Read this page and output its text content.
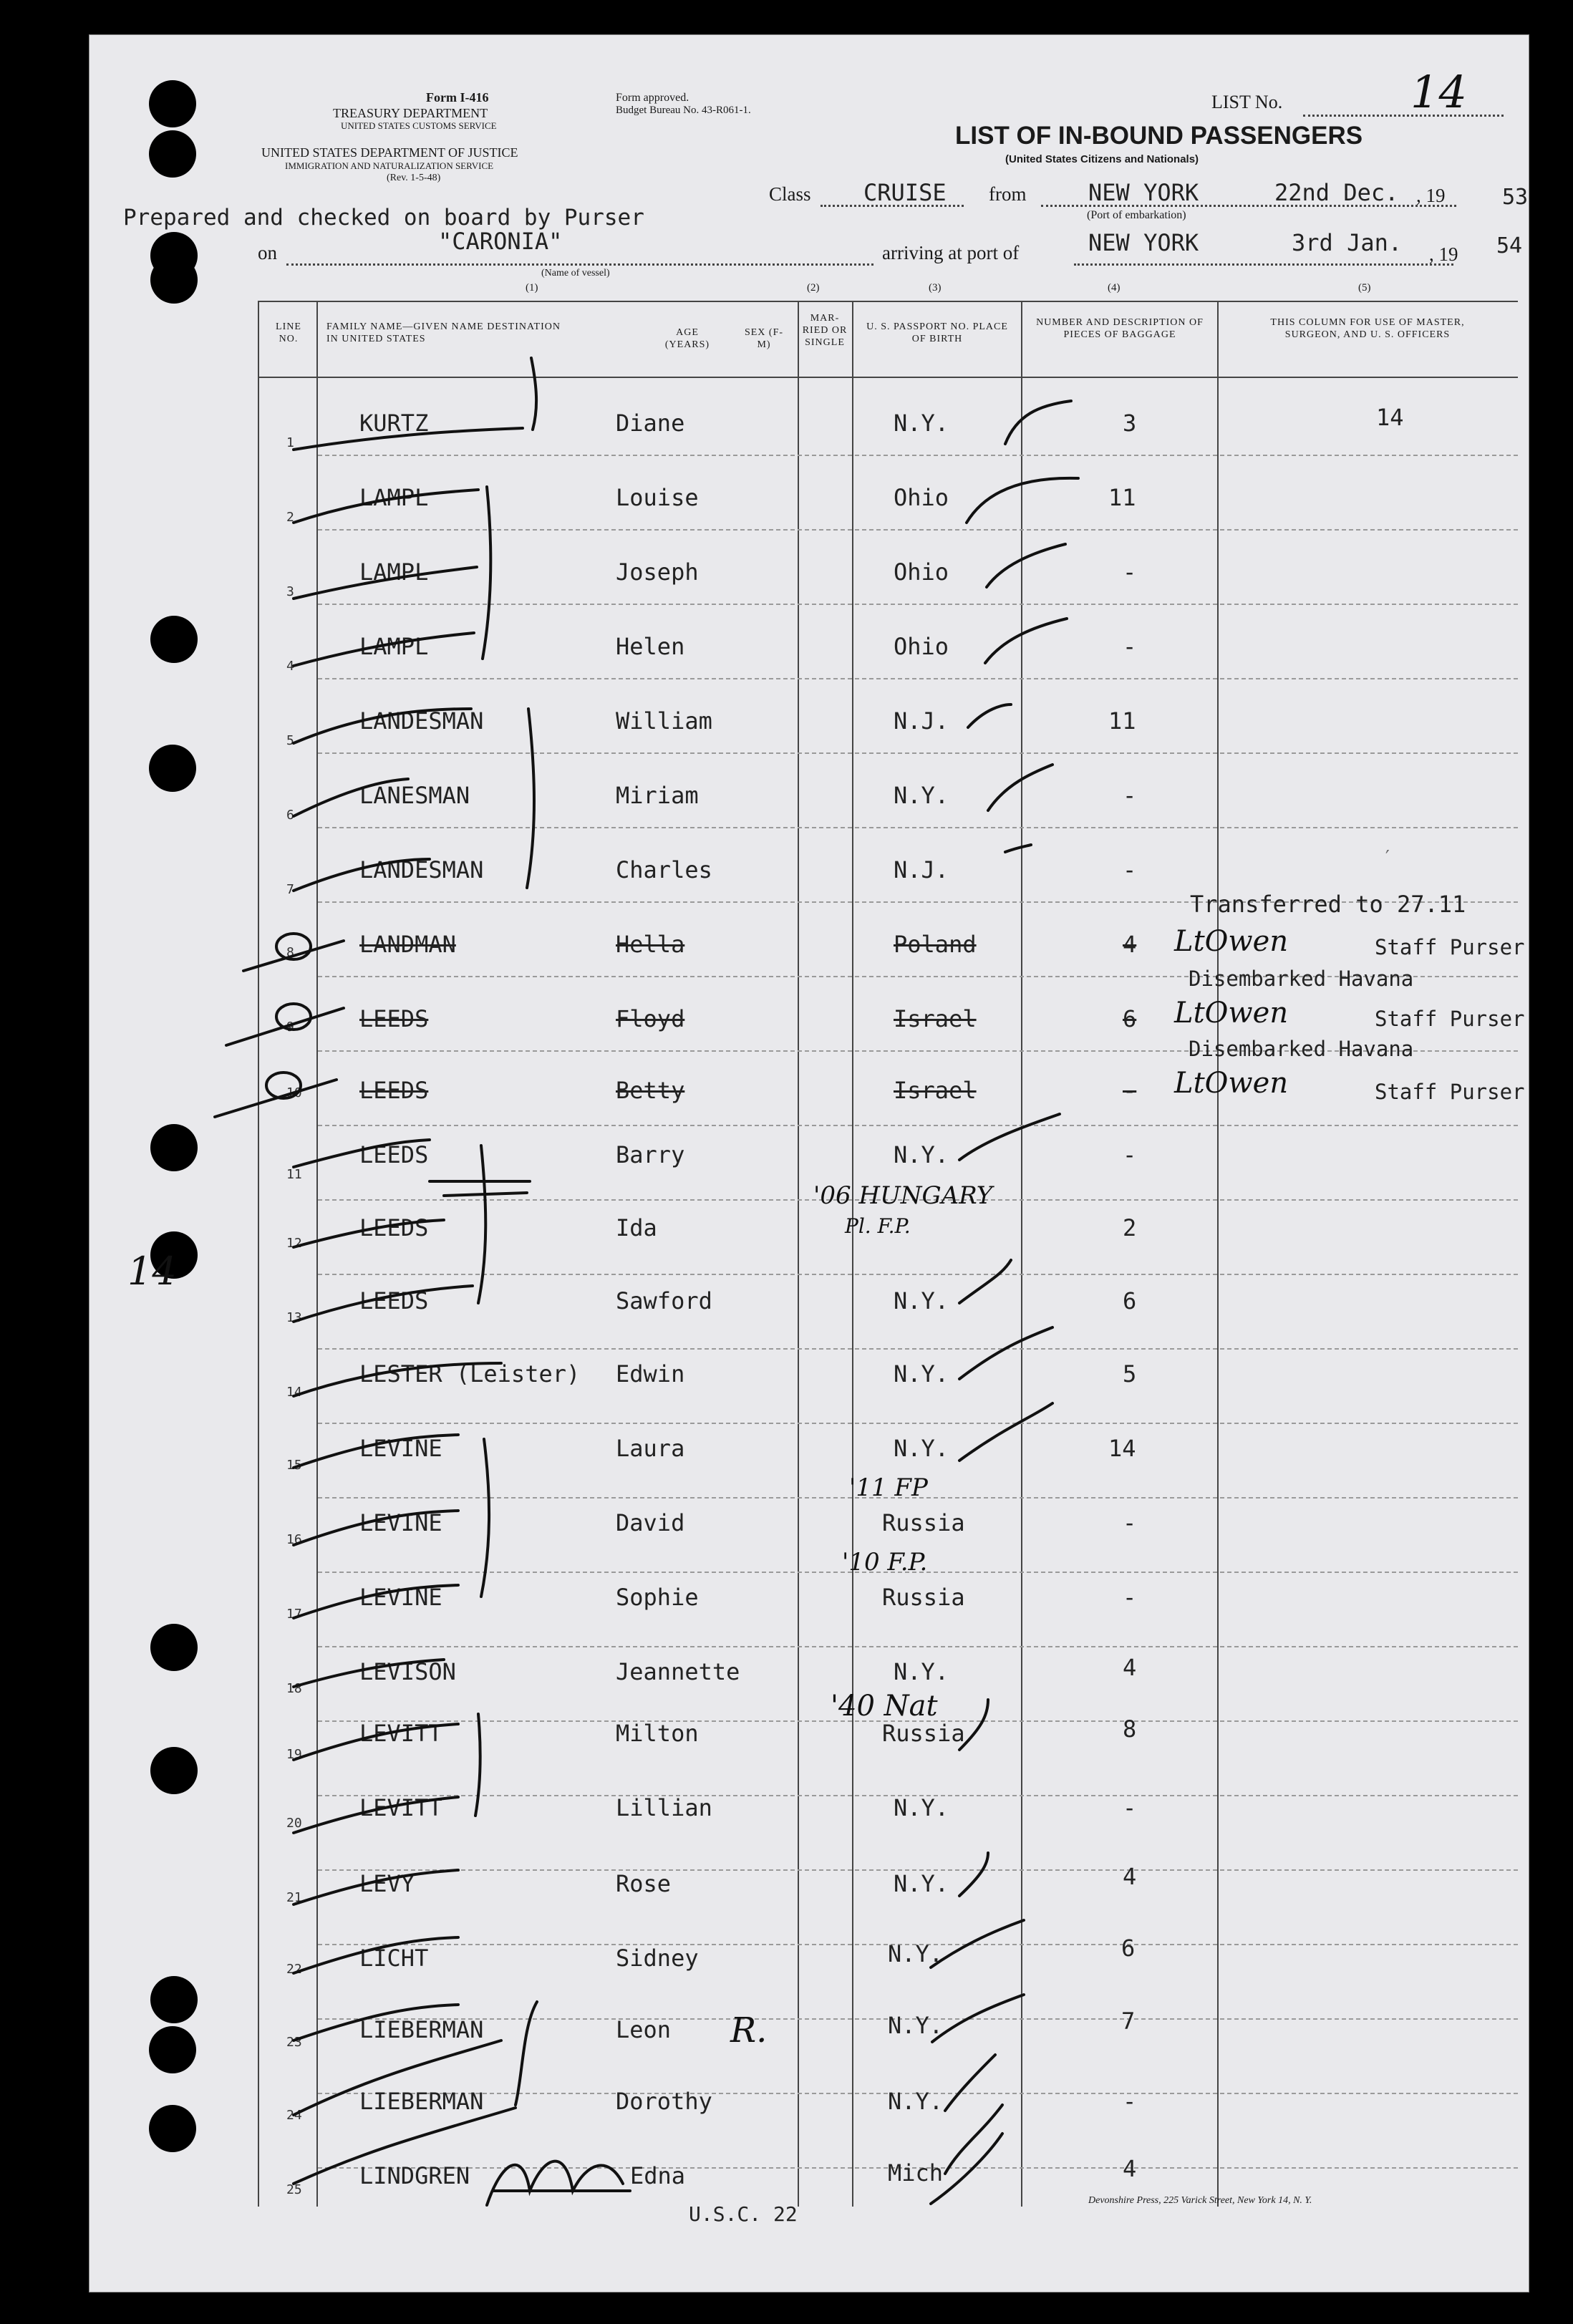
Form I-416
TREASURY DEPARTMENT
UNITED STATES CUSTOMS SERVICE
Form approved.
Budget Bureau No. 43-R061-1.
UNITED STATES DEPARTMENT OF JUSTICE
IMMIGRATION AND NATURALIZATION SERVICE
(Rev. 1-5-48)
LIST No.	14
LIST OF IN-BOUND PASSENGERS
(United States Citizens and Nationals)
Class CRUISE from	NEW YORK	22nd Dec. , 19	53
(Port of embarkation)
Prepared and checked on board by Purser
"CARONIA"
on
(Name of vessel)
arriving at port of	NEW YORK	3rd Jan. , 19 54
(1)	(2)	(3)	(4)	(5)
LINE NO.
FAMILY NAME—GIVEN NAME DESTINATION IN UNITED STATES
AGE (YEARS)
SEX (F-M)
MAR-RIED OR SINGLE
U. S. PASSPORT NO. PLACE OF BIRTH
NUMBER AND DESCRIPTION OF PIECES OF BAGGAGE
THIS COLUMN FOR USE OF MASTER, SURGEON, AND U. S. OFFICERS
1
KURTZ	Diane	N.Y.	3
2
LAMPL	Louise	Ohio	11
3
LAMPL	Joseph	Ohio	-
4
LAMPL	Helen	Ohio	-
5
LANDESMAN	William	N.J.	11
6
LANESMAN	Miriam	N.Y.	-
7
LANDESMAN	Charles	N.J.	-
8	LANDMAN	Hella	Poland	4
9	LEEDS	Floyd	Israel	6
10	LEEDS	Betty	Israel	-
11
LEEDS	Barry	N.Y.	-
12
LEEDS	Ida	2
13
LEEDS	Sawford	N.Y.	6
14
LESTER (Leister) Edwin	N.Y.	5
15
LEVINE	Laura	N.Y.	14
16
LEVINE	David	Russia	-
17
LEVINE	Sophie	Russia	-
18
LEVISON	Jeannette	N.Y.	4
19
LEVITT	Milton	Russia	8
20
LEVITT	Lillian	N.Y.	-
21
LEVY	Rose	N.Y.	4
22	LICHT	Sidney	N.Y.	6
23	LIEBERMAN	Leon	N.Y.	7
24
LIEBERMAN	Dorothy	N.Y.	-
25
LINDGREN	Edna	Mich	4
14
Transferred to 27.11
Staff Purser
Disembarked Havana
Staff Purser
Disembarked Havana
Staff Purser
LtOwen
LtOwen
LtOwen
'06 HUNGARY
'11 FP
'10 F.P.
'40 Nat
R.
14
U.S.C. 22
Devonshire Press, 225 Varick Street, New York 14, N. Y.
Pl. F.P.
′
